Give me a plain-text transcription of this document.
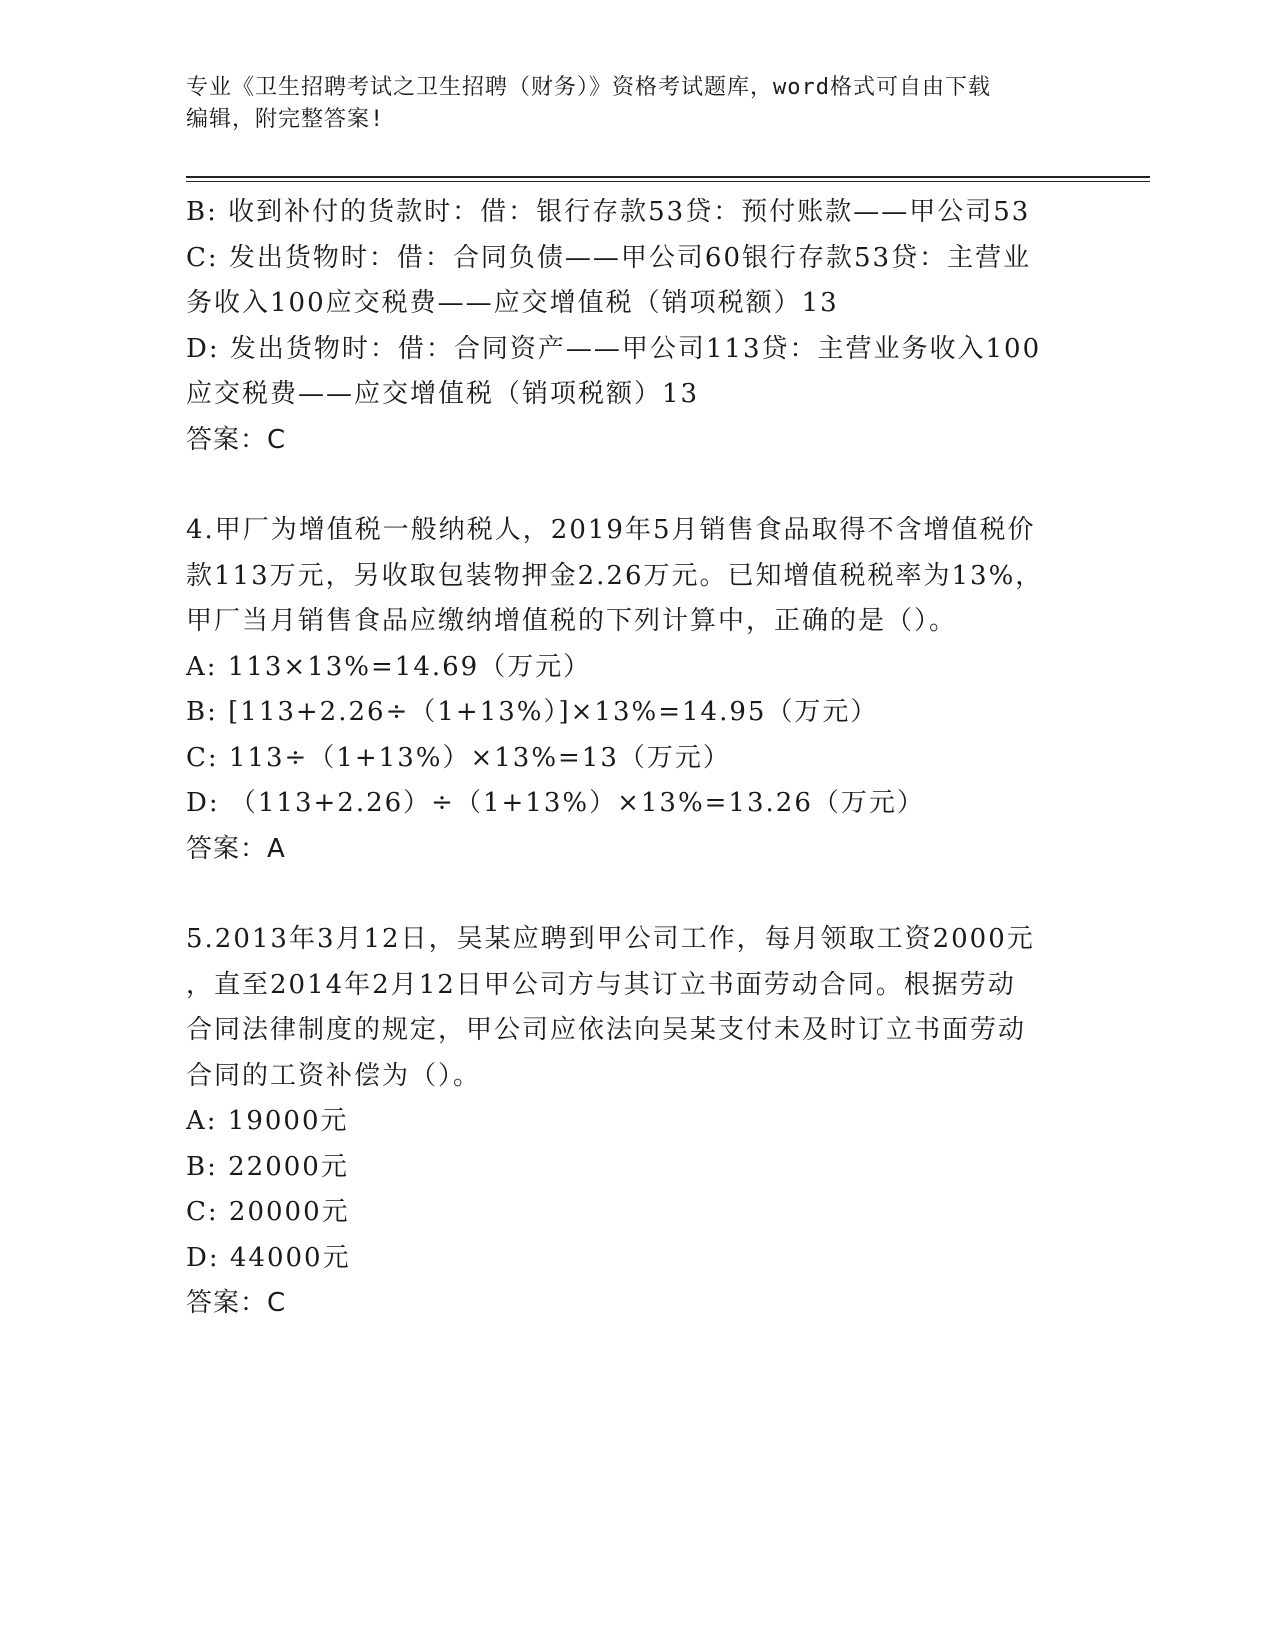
专业《卫生招聘考试之卫生招聘（财务）》资格考试题库，word格式可自由下载
编辑，附完整答案!
B: 收到补付的货款时：借：银行存款53贷：预付账款——甲公司53
C: 发出货物时：借：合同负债——甲公司60银行存款53贷：主营业
务收入100应交税费——应交增值税（销项税额）13
D: 发出货物时：借：合同资产——甲公司113贷：主营业务收入100
应交税费——应交增值税（销项税额）13
答案：C
4.甲厂为增值税一般纳税人，2019年5月销售食品取得不含增值税价
款113万元，另收取包装物押金2.26万元。已知增值税税率为13%，
甲厂当月销售食品应缴纳增值税的下列计算中，正确的是（）。
A: 113×13%=14.69（万元）
B: [113+2.26÷（1+13%）]×13%=14.95（万元）
C: 113÷（1+13%）×13%=13（万元）
D: （113+2.26）÷（1+13%）×13%=13.26（万元）
答案：A
5.2013年3月12日，吴某应聘到甲公司工作，每月领取工资2000元
，直至2014年2月12日甲公司方与其订立书面劳动合同。根据劳动
合同法律制度的规定，甲公司应依法向吴某支付未及时订立书面劳动
合同的工资补偿为（）。
A: 19000元
B: 22000元
C: 20000元
D: 44000元
答案：C
